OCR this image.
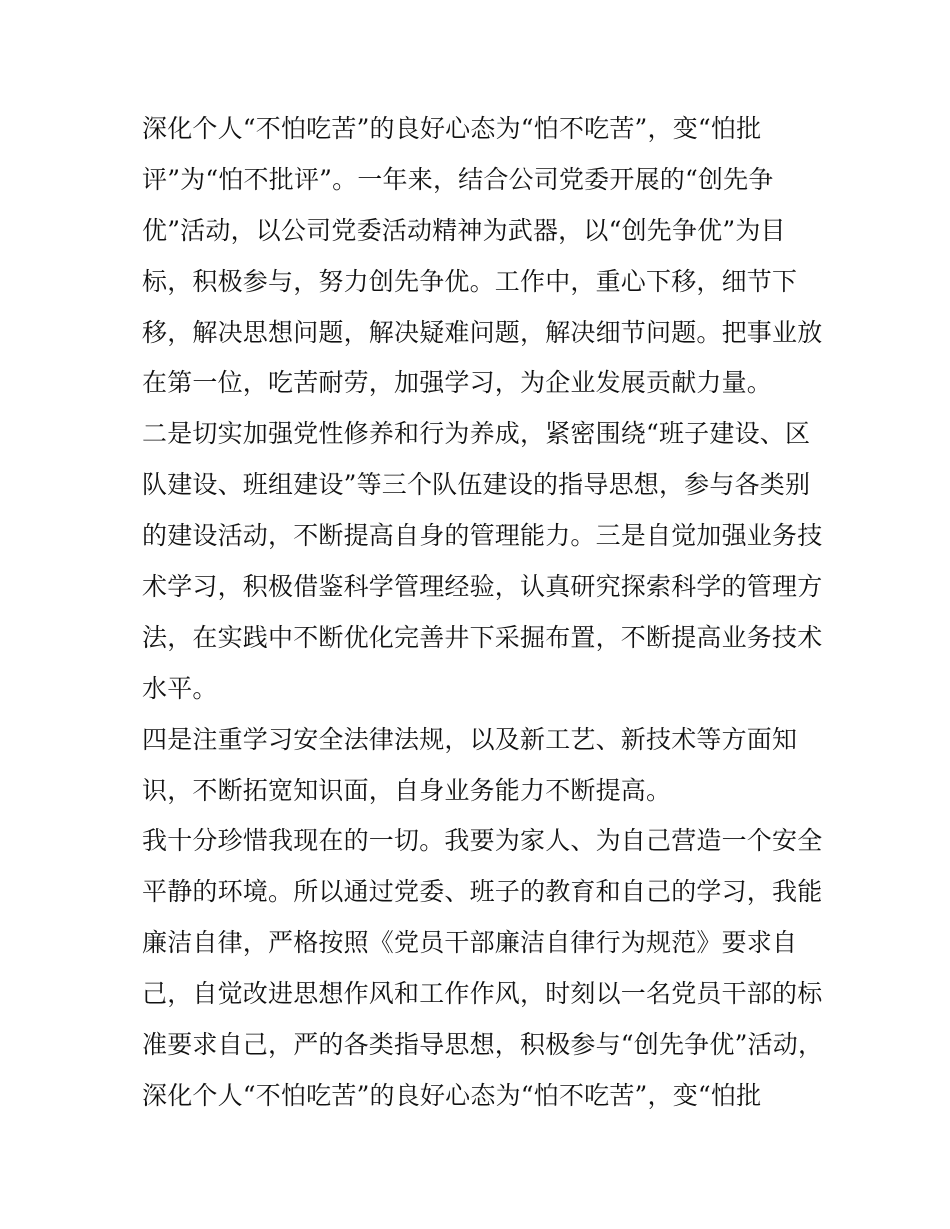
深化个人“不怕吃苦”的良好心态为“怕不吃苦”，变“怕批
评”为“怕不批评”。一年来，结合公司党委开展的“创先争
优”活动，以公司党委活动精神为武器，以“创先争优”为目
标，积极参与，努力创先争优。工作中，重心下移，细节下
移，解决思想问题，解决疑难问题，解决细节问题。把事业放
在第一位，吃苦耐劳，加强学习，为企业发展贡献力量。
二是切实加强党性修养和行为养成，紧密围绕“班子建设、区
队建设、班组建设”等三个队伍建设的指导思想，参与各类别
的建设活动，不断提高自身的管理能力。三是自觉加强业务技
术学习，积极借鉴科学管理经验，认真研究探索科学的管理方
法，在实践中不断优化完善井下采掘布置，不断提高业务技术
水平。
四是注重学习安全法律法规，以及新工艺、新技术等方面知
识，不断拓宽知识面，自身业务能力不断提高。
我十分珍惜我现在的一切。我要为家人、为自己营造一个安全
平静的环境。所以通过党委、班子的教育和自己的学习，我能
廉洁自律，严格按照《党员干部廉洁自律行为规范》要求自
己，自觉改进思想作风和工作作风，时刻以一名党员干部的标
准要求自己，严的各类指导思想，积极参与“创先争优”活动，
深化个人“不怕吃苦”的良好心态为“怕不吃苦”，变“怕批
